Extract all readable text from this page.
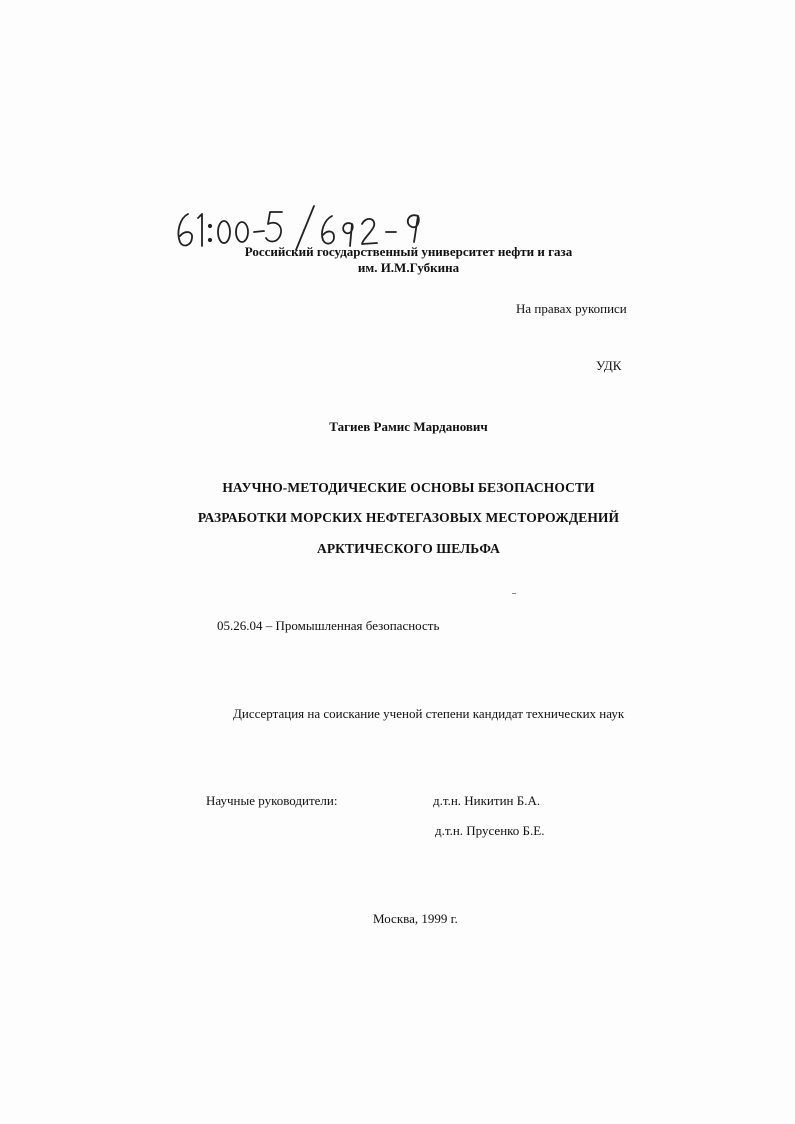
Российский государственный университет нефти и газа
им. И.М.Губкина
На правах рукописи
УДК
Тагиев Рамис Марданович
НАУЧНО-МЕТОДИЧЕСКИЕ ОСНОВЫ БЕЗОПАСНОСТИ
РАЗРАБОТКИ МОРСКИХ НЕФТЕГАЗОВЫХ МЕСТОРОЖДЕНИЙ
АРКТИЧЕСКОГО ШЕЛЬФА
05.26.04 – Промышленная безопасность
Диссертация на соискание ученой степени кандидат технических наук
Научные руководители:	д.т.н. Никитин Б.А.
д.т.н. Прусенко Б.Е.
Москва, 1999 г.
